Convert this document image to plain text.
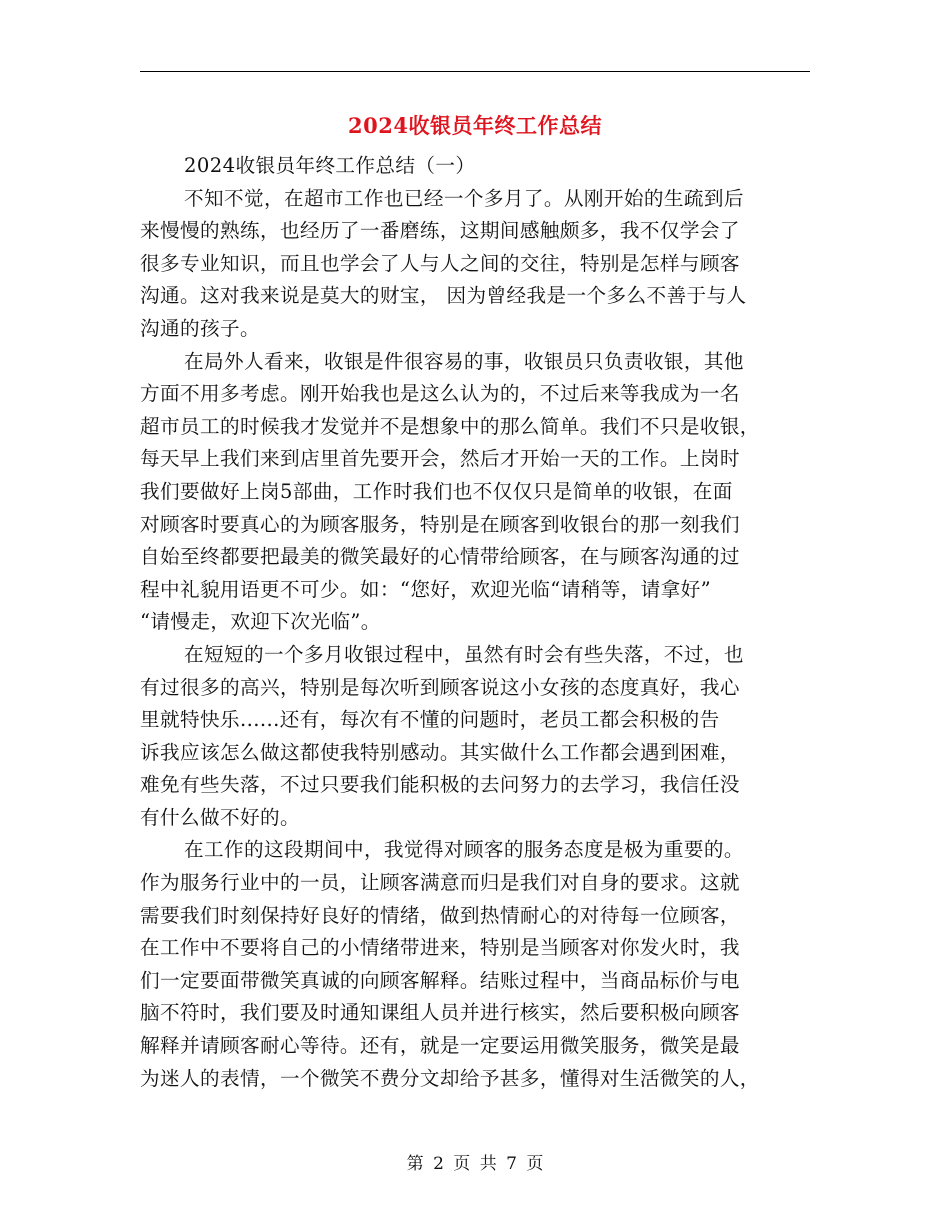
2024收银员年终工作总结
2024收银员年终工作总结（一）
不知不觉，在超市工作也已经一个多月了。从刚开始的生疏到后
来慢慢的熟练，也经历了一番磨练，这期间感触颇多，我不仅学会了
很多专业知识，而且也学会了人与人之间的交往，特别是怎样与顾客
沟通。这对我来说是莫大的财宝， 因为曾经我是一个多么不善于与人
沟通的孩子。
在局外人看来，收银是件很容易的事，收银员只负责收银，其他
方面不用多考虑。刚开始我也是这么认为的，不过后来等我成为一名
超市员工的时候我才发觉并不是想象中的那么简单。我们不只是收银，
每天早上我们来到店里首先要开会，然后才开始一天的工作。上岗时
我们要做好上岗5部曲，工作时我们也不仅仅只是简单的收银，在面
对顾客时要真心的为顾客服务，特别是在顾客到收银台的那一刻我们
自始至终都要把最美的微笑最好的心情带给顾客，在与顾客沟通的过
程中礼貌用语更不可少。如：“您好，欢迎光临“请稍等，请拿好”
“请慢走，欢迎下次光临”。
在短短的一个多月收银过程中，虽然有时会有些失落，不过，也
有过很多的高兴，特别是每次听到顾客说这小女孩的态度真好，我心
里就特快乐......还有，每次有不懂的问题时，老员工都会积极的告
诉我应该怎么做这都使我特别感动。其实做什么工作都会遇到困难，
难免有些失落，不过只要我们能积极的去问努力的去学习，我信任没
有什么做不好的。
在工作的这段期间中，我觉得对顾客的服务态度是极为重要的。
作为服务行业中的一员，让顾客满意而归是我们对自身的要求。这就
需要我们时刻保持好良好的情绪，做到热情耐心的对待每一位顾客，
在工作中不要将自己的小情绪带进来，特别是当顾客对你发火时，我
们一定要面带微笑真诚的向顾客解释。结账过程中，当商品标价与电
脑不符时，我们要及时通知课组人员并进行核实，然后要积极向顾客
解释并请顾客耐心等待。还有，就是一定要运用微笑服务，微笑是最
为迷人的表情，一个微笑不费分文却给予甚多，懂得对生活微笑的人，
第 2 页 共 7 页
